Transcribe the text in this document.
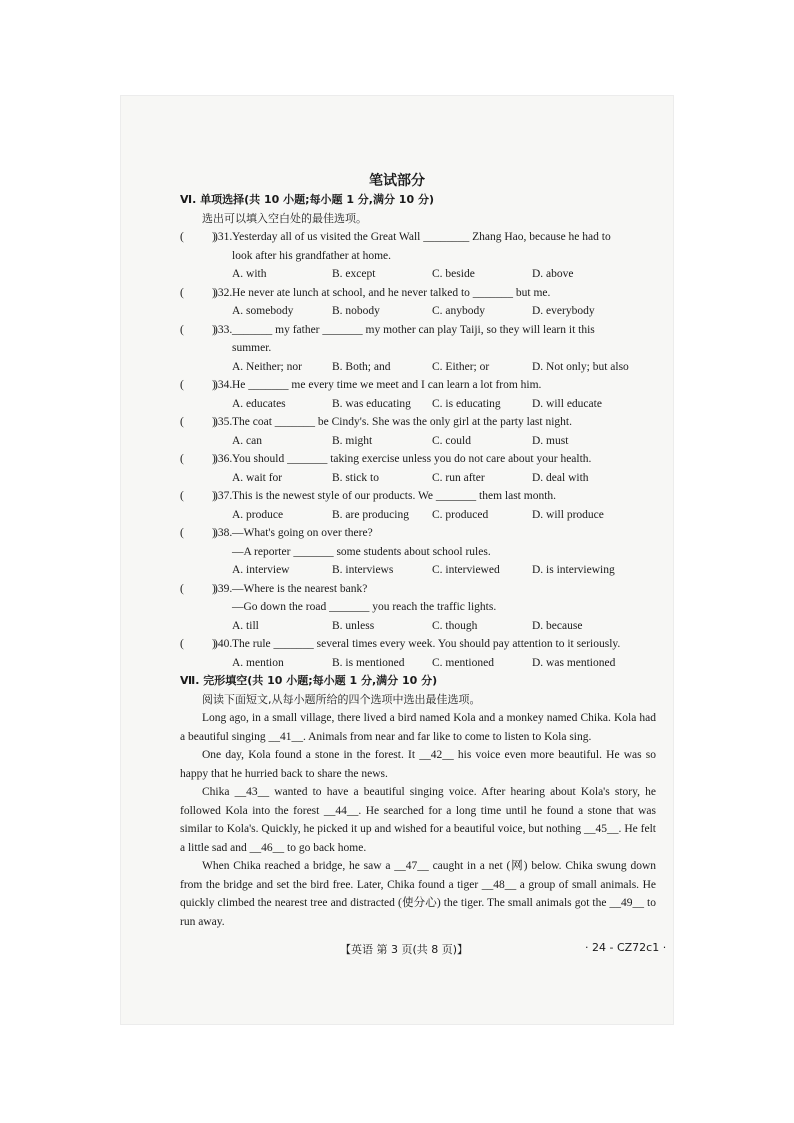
笔试部分
Ⅵ. 单项选择(共 10 小题;每小题 1 分,满分 10 分)
选出可以填入空白处的最佳选项。
)31. Yesterday all of us visited the Great Wall ________ Zhang Hao, because he had to
look after his grandfather at home.
A. with	B. except	C. beside	D. above
)32. He never ate lunch at school, and he never talked to _______ but me.
A. somebody	B. nobody	C. anybody	D. everybody
)33. _______ my father _______ my mother can play Taiji, so they will learn it this
summer.
A. Neither; nor	B. Both; and	C. Either; or	D. Not only; but also
)34. He _______ me every time we meet and I can learn a lot from him.
A. educates	B. was educating	C. is educating	D. will educate
)35. The coat _______ be Cindy's. She was the only girl at the party last night.
A. can	B. might	C. could	D. must
)36. You should _______ taking exercise unless you do not care about your health.
A. wait for	B. stick to	C. run after	D. deal with
)37. This is the newest style of our products. We _______ them last month.
A. produce	B. are producing	C. produced	D. will produce
)38. —What's going on over there?
—A reporter _______ some students about school rules.
A. interview	B. interviews	C. interviewed	D. is interviewing
)39. —Where is the nearest bank?
—Go down the road _______ you reach the traffic lights.
A. till	B. unless	C. though	D. because
)40. The rule _______ several times every week. You should pay attention to it seriously.
A. mention	B. is mentioned	C. mentioned	D. was mentioned
Ⅶ. 完形填空(共 10 小题;每小题 1 分,满分 10 分)
阅读下面短文,从每小题所给的四个选项中选出最佳选项。

Long ago, in a small village, there lived a bird named Kola and a monkey named Chika. Kola had a beautiful singing __41__. Animals from near and far like to come to listen to Kola sing.

One day, Kola found a stone in the forest. It __42__ his voice even more beautiful. He was so happy that he hurried back to share the news.

Chika __43__ wanted to have a beautiful singing voice. After hearing about Kola's story, he followed Kola into the forest __44__. He searched for a long time until he found a stone that was similar to Kola's. Quickly, he picked it up and wished for a beautiful voice, but nothing __45__. He felt a little sad and __46__ to go back home.

When Chika reached a bridge, he saw a __47__ caught in a net (网) below. Chika swung down from the bridge and set the bird free. Later, Chika found a tiger __48__ a group of small animals. He quickly climbed the nearest tree and distracted (使分心) the tiger. The small animals got the __49__ to run away.

【英语 第 3 页(共 8 页)】	· 24 - CZ72c1 ·
